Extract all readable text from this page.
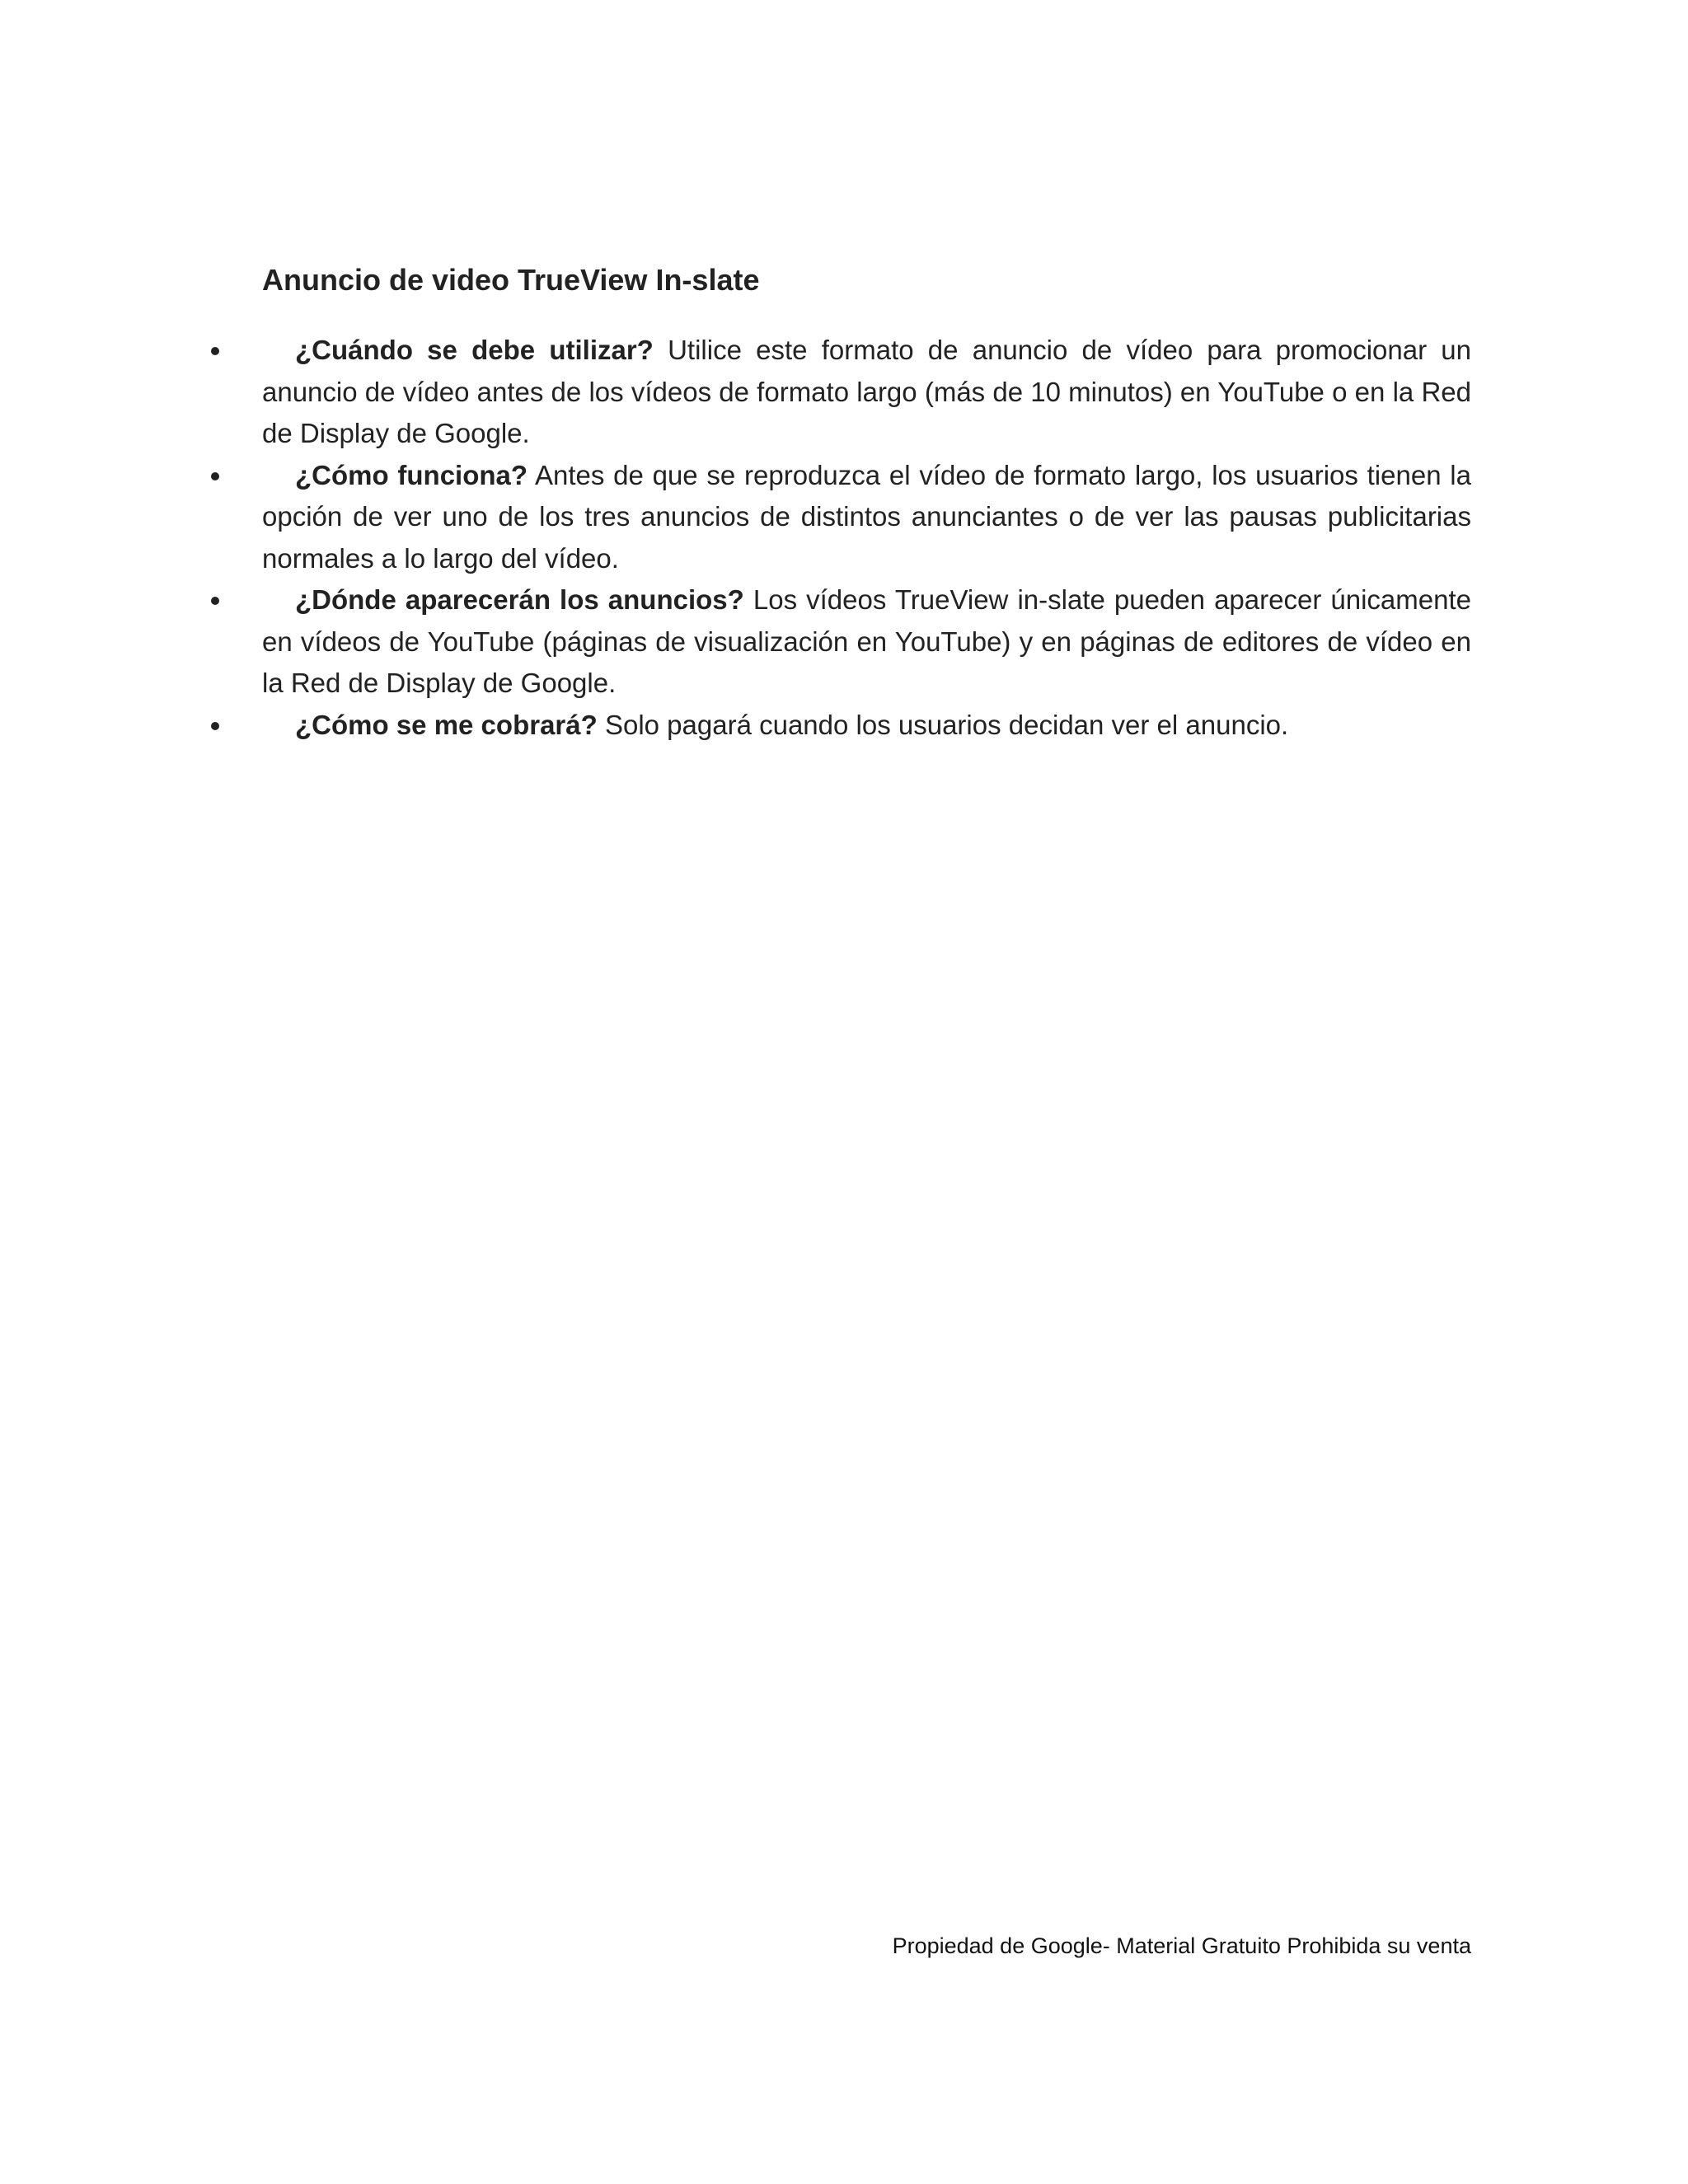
Anuncio de video TrueView In-slate
¿Cuándo se debe utilizar? Utilice este formato de anuncio de vídeo para promocionar un anuncio de vídeo antes de los vídeos de formato largo (más de 10 minutos) en YouTube o en la Red de Display de Google.
¿Cómo funciona? Antes de que se reproduzca el vídeo de formato largo, los usuarios tienen la opción de ver uno de los tres anuncios de distintos anunciantes o de ver las pausas publicitarias normales a lo largo del vídeo.
¿Dónde aparecerán los anuncios? Los vídeos TrueView in-slate pueden aparecer únicamente en vídeos de YouTube (páginas de visualización en YouTube) y en páginas de editores de vídeo en la Red de Display de Google.
¿Cómo se me cobrará? Solo pagará cuando los usuarios decidan ver el anuncio.
Propiedad de Google- Material Gratuito Prohibida su venta
